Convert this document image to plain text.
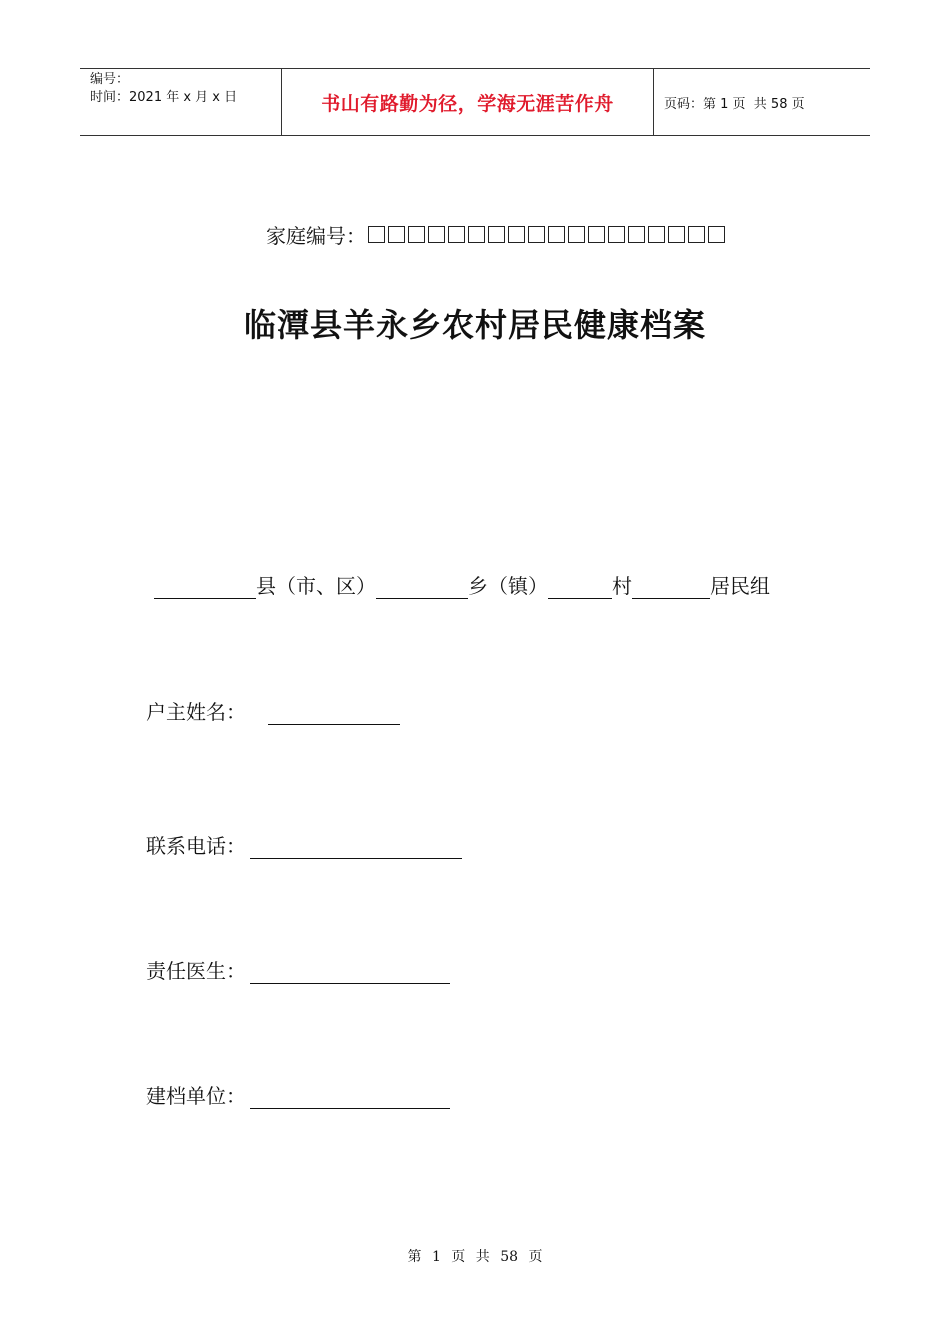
编号：
时间：2021 年 x 月 x 日	书山有路勤为径，学海无涯苦作舟	页码：第 1 页  共 58 页
家庭编号：
临潭县羊永乡农村居民健康档案
县（市、区）	乡（镇）	村	居民组
户主姓名：
联系电话：
责任医生：
建档单位：
第 1 页 共 58 页
